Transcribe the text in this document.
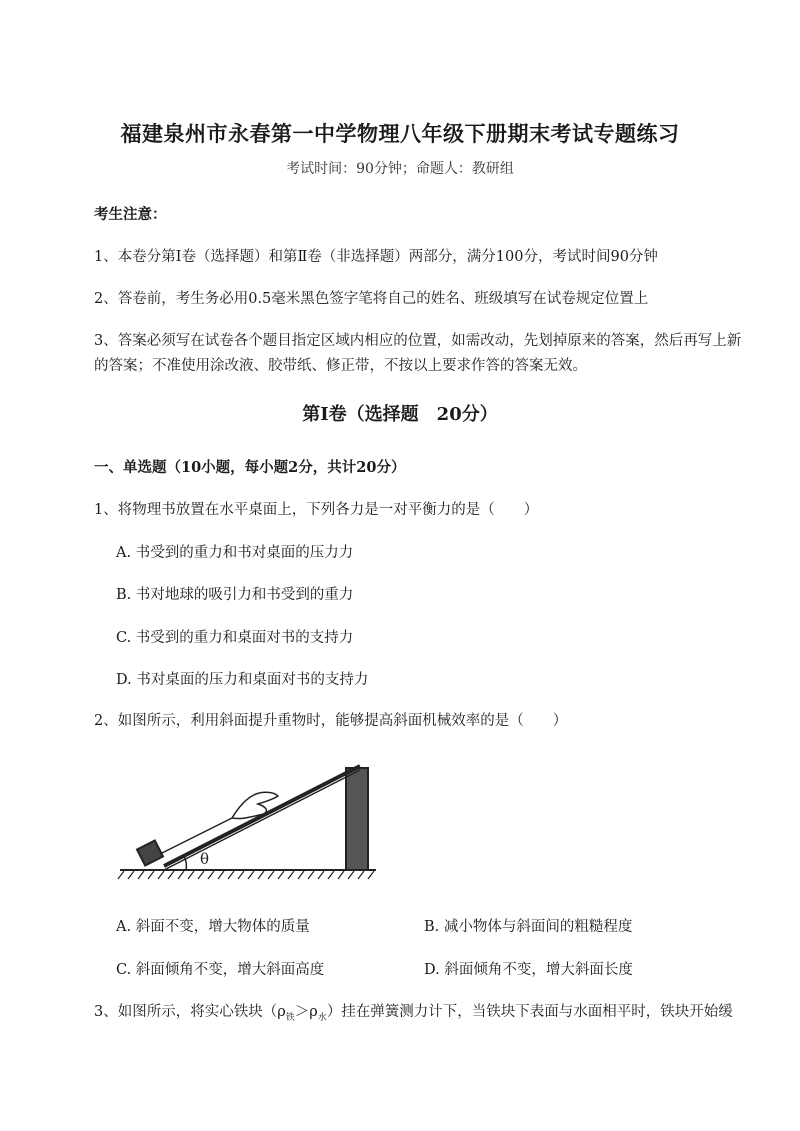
福建泉州市永春第一中学物理八年级下册期末考试专题练习
考试时间：90分钟；命题人：教研组
考生注意：
1、本卷分第Ⅰ卷（选择题）和第Ⅱ卷（非选择题）两部分，满分100分，考试时间90分钟
2、答卷前，考生务必用0.5毫米黑色签字笔将自己的姓名、班级填写在试卷规定位置上
3、答案必须写在试卷各个题目指定区域内相应的位置，如需改动，先划掉原来的答案，然后再写上新
的答案；不准使用涂改液、胶带纸、修正带，不按以上要求作答的答案无效。
第Ⅰ卷（选择题　20分）
一、单选题（10小题，每小题2分，共计20分）
1、将物理书放置在水平桌面上，下列各力是一对平衡力的是（　　）
A. 书受到的重力和书对桌面的压力力
B. 书对地球的吸引力和书受到的重力
C. 书受到的重力和桌面对书的支持力
D. 书对桌面的压力和桌面对书的支持力
2、如图所示，利用斜面提升重物时，能够提高斜面机械效率的是（　　）
θ
A. 斜面不变，增大物体的质量	B. 减小物体与斜面间的粗糙程度
C. 斜面倾角不变，增大斜面高度	D. 斜面倾角不变，增大斜面长度
3、如图所示，将实心铁块$(\rho_铁>\rho_水)$挂在弹簧测力计下，当铁块下表面与水面相平时，铁块开始缓
